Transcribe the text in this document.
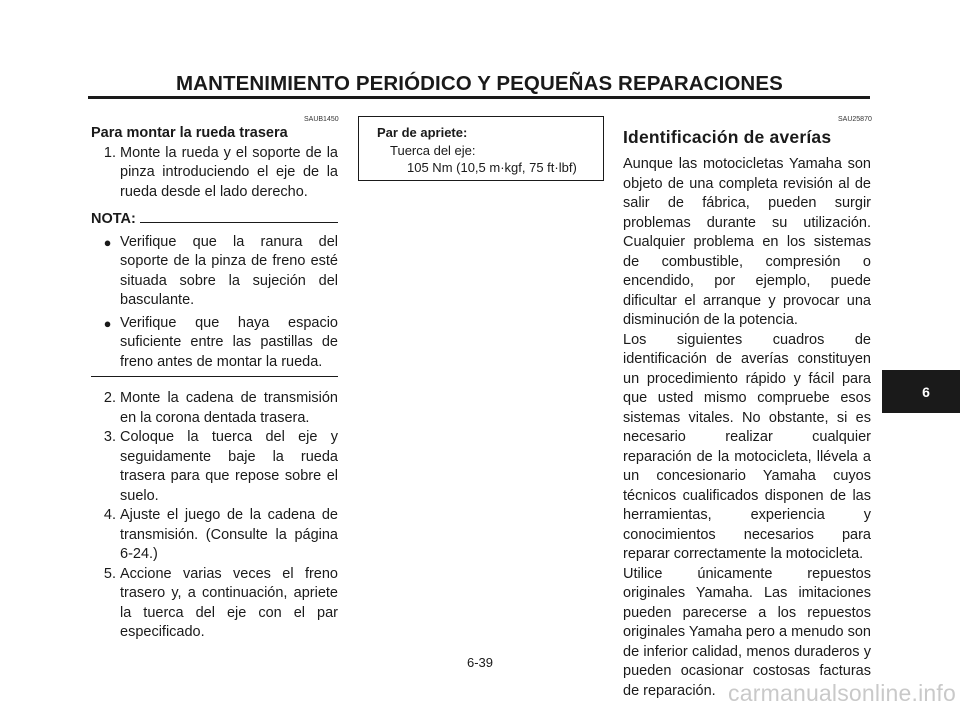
MANTENIMIENTO PERIÓDICO Y PEQUEÑAS REPARACIONES
SAUB1450
Para montar la rueda trasera
1. Monte la rueda y el soporte de la pinza introduciendo el eje de la rueda desde el lado derecho.
NOTA:
● Verifique que la ranura del soporte de la pinza de freno esté situada sobre la sujeción del basculante.
● Verifique que haya espacio suficiente entre las pastillas de freno antes de montar la rueda.
2. Monte la cadena de transmisión en la corona dentada trasera.
3. Coloque la tuerca del eje y seguidamente baje la rueda trasera para que repose sobre el suelo.
4. Ajuste el juego de la cadena de transmisión. (Consulte la página 6-24.)
5. Accione varias veces el freno trasero y, a continuación, apriete la tuerca del eje con el par especificado.
Par de apriete:
Tuerca del eje:
105 Nm (10,5 m·kgf, 75 ft·lbf)
SAU25870
Identificación de averías
Aunque las motocicletas Yamaha son objeto de una completa revisión al de salir de fábrica, pueden surgir problemas durante su utilización. Cualquier problema en los sistemas de combustible, compresión o encendido, por ejemplo, puede dificultar el arranque y provocar una disminución de la potencia.
Los siguientes cuadros de identificación de averías constituyen un procedimiento rápido y fácil para que usted mismo compruebe esos sistemas vitales. No obstante, si es necesario realizar cualquier reparación de la motocicleta, llévela a un concesionario Yamaha cuyos técnicos cualificados disponen de las herramientas, experiencia y conocimientos necesarios para reparar correctamente la motocicleta.
Utilice únicamente repuestos originales Yamaha. Las imitaciones pueden parecerse a los repuestos originales Yamaha pero a menudo son de inferior calidad, menos duraderos y pueden ocasionar costosas facturas de reparación.
6
6-39
carmanualsonline.info
